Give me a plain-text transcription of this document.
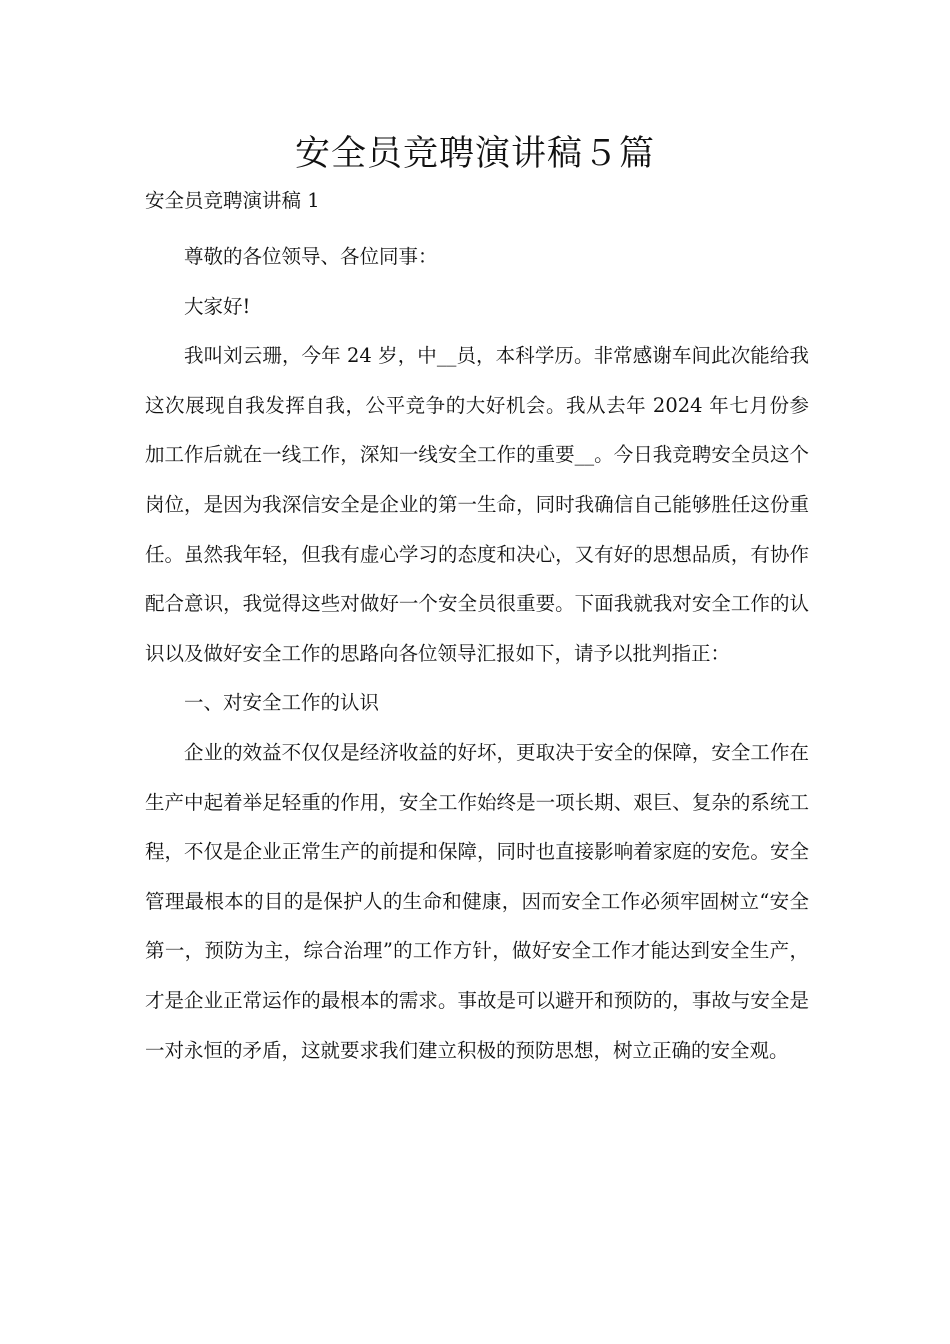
安全员竞聘演讲稿５篇

安全员竞聘演讲稿 1

尊敬的各位领导、各位同事：

大家好!

我叫刘云珊，今年 24 岁，中__员，本科学历。非常感谢车间此次能给我这次展现自我发挥自我，公平竞争的大好机会。我从去年 2024 年七月份参加工作后就在一线工作，深知一线安全工作的重要__。今日我竞聘安全员这个岗位，是因为我深信安全是企业的第一生命，同时我确信自己能够胜任这份重任。虽然我年轻，但我有虚心学习的态度和决心，又有好的思想品质，有协作配合意识，我觉得这些对做好一个安全员很重要。下面我就我对安全工作的认识以及做好安全工作的思路向各位领导汇报如下，请予以批判指正：

一、对安全工作的认识

企业的效益不仅仅是经济收益的好坏，更取决于安全的保障，安全工作在生产中起着举足轻重的作用，安全工作始终是一项长期、艰巨、复杂的系统工程，不仅是企业正常生产的前提和保障，同时也直接影响着家庭的安危。安全管理最根本的目的是保护人的生命和健康，因而安全工作必须牢固树立“安全第一，预防为主，综合治理”的工作方针，做好安全工作才能达到安全生产，才是企业正常运作的最根本的需求。事故是可以避开和预防的，事故与安全是一对永恒的矛盾，这就要求我们建立积极的预防思想，树立正确的安全观。
